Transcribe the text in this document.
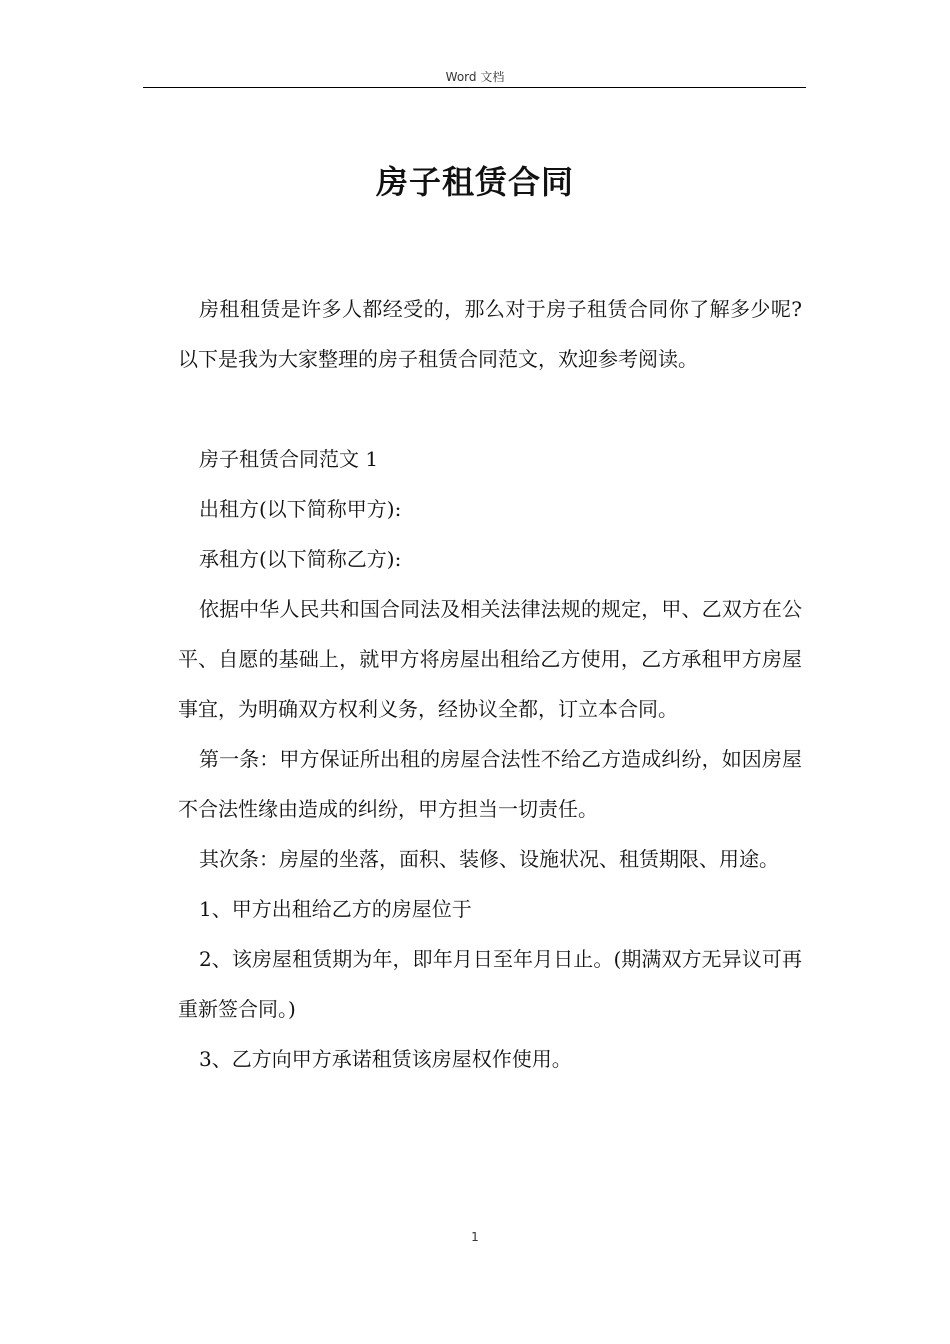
Word 文档
房子租赁合同

房租租赁是许多人都经受的，那么对于房子租赁合同你了解多少呢?以下是我为大家整理的房子租赁合同范文，欢迎参考阅读。

房子租赁合同范文 1

出租方(以下简称甲方):

承租方(以下简称乙方):

依据中华人民共和国合同法及相关法律法规的规定，甲、乙双方在公平、自愿的基础上，就甲方将房屋出租给乙方使用，乙方承租甲方房屋事宜，为明确双方权利义务，经协议全都，订立本合同。

第一条：甲方保证所出租的房屋合法性不给乙方造成纠纷，如因房屋不合法性缘由造成的纠纷，甲方担当一切责任。

其次条：房屋的坐落，面积、装修、设施状况、租赁期限、用途。

1、甲方出租给乙方的房屋位于

2、该房屋租赁期为年，即年月日至年月日止。(期满双方无异议可再重新签合同。)

3、乙方向甲方承诺租赁该房屋权作使用。

1
